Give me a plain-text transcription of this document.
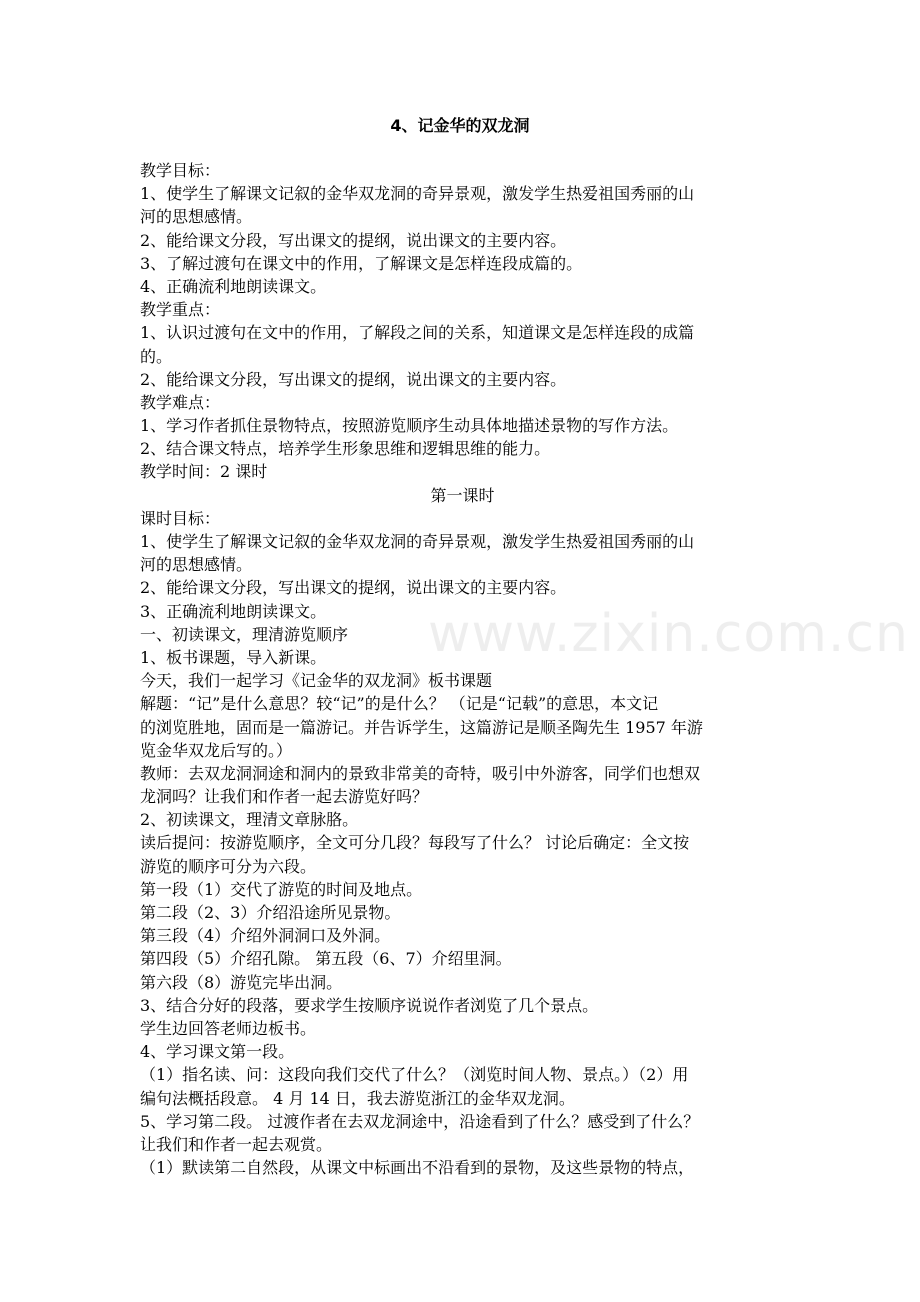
www.zixin.com.cn
4、记金华的双龙洞
教学目标：
1、使学生了解课文记叙的金华双龙洞的奇异景观，激发学生热爱祖国秀丽的山
河的思想感情。
2、能给课文分段，写出课文的提纲，说出课文的主要内容。
3、了解过渡句在课文中的作用，了解课文是怎样连段成篇的。
4、正确流利地朗读课文。
教学重点：
1、认识过渡句在文中的作用，了解段之间的关系，知道课文是怎样连段的成篇
的。
2、能给课文分段，写出课文的提纲，说出课文的主要内容。
教学难点：
1、学习作者抓住景物特点，按照游览顺序生动具体地描述景物的写作方法。
2、结合课文特点，培养学生形象思维和逻辑思维的能力。
教学时间：2 课时
第一课时
课时目标：
1、使学生了解课文记叙的金华双龙洞的奇异景观，激发学生热爱祖国秀丽的山
河的思想感情。
2、能给课文分段，写出课文的提纲，说出课文的主要内容。
3、正确流利地朗读课文。
一、初读课文，理清游览顺序
1、板书课题，导入新课。
今天，我们一起学习《记金华的双龙洞》板书课题
解题：“记”是什么意思？较“记”的是什么？ （记是“记载”的意思，本文记
的浏览胜地，固而是一篇游记。并告诉学生，这篇游记是顺圣陶先生 1957 年游
览金华双龙后写的。）
教师：去双龙洞洞途和洞内的景致非常美的奇特，吸引中外游客，同学们也想双
龙洞吗？让我们和作者一起去游览好吗？
2、初读课文，理清文章脉胳。
读后提问：按游览顺序，全文可分几段？每段写了什么？ 讨论后确定：全文按
游览的顺序可分为六段。
第一段（1）交代了游览的时间及地点。
第二段（2、3）介绍沿途所见景物。
第三段（4）介绍外洞洞口及外洞。
第四段（5）介绍孔隙。 第五段（6、7）介绍里洞。
第六段（8）游览完毕出洞。
3、结合分好的段落，要求学生按顺序说说作者浏览了几个景点。
学生边回答老师边板书。
4、学习课文第一段。
（1）指名读、问：这段向我们交代了什么？（浏览时间人物、景点。）（2）用
编句法概括段意。 4 月 14 日，我去游览浙江的金华双龙洞。
5、学习第二段。 过渡作者在去双龙洞途中，沿途看到了什么？感受到了什么？
让我们和作者一起去观赏。
（1）默读第二自然段，从课文中标画出不沿看到的景物，及这些景物的特点，
